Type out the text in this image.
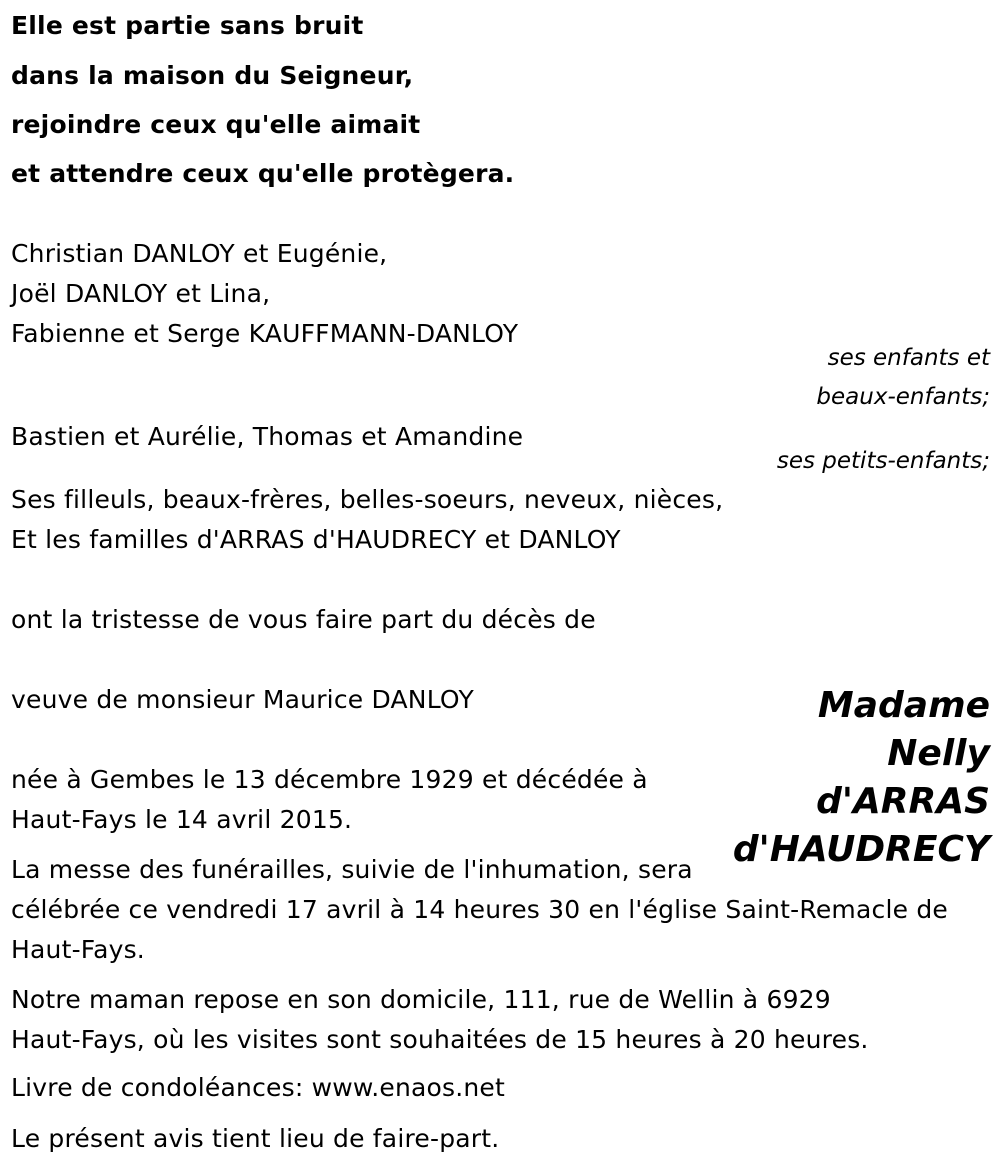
Elle est partie sans bruit
dans la maison du Seigneur,
rejoindre ceux qu'elle aimait
et attendre ceux qu'elle protègera.
Christian DANLOY et Eugénie,
Joël DANLOY et Lina,
Fabienne et Serge KAUFFMANN-DANLOY
ses enfants et
beaux-enfants;
Bastien et Aurélie, Thomas et Amandine
ses petits-enfants;
Ses filleuls, beaux-frères, belles-soeurs, neveux, nièces,
Et les familles d'ARRAS d'HAUDRECY et DANLOY
ont la tristesse de vous faire part du décès de
veuve de monsieur Maurice DANLOY	Madame
Nelly
d'ARRAS
d'HAUDRECY
née à Gembes le 13 décembre 1929 et décédée à
Haut-Fays le 14 avril 2015.
La messe des funérailles, suivie de l'inhumation, sera
célébrée ce vendredi 17 avril à 14 heures 30 en l'église Saint-Remacle de
Haut-Fays.
Notre maman repose en son domicile, 111, rue de Wellin à 6929
Haut-Fays, où les visites sont souhaitées de 15 heures à 20 heures.
Livre de condoléances: www.enaos.net
Le présent avis tient lieu de faire-part.
